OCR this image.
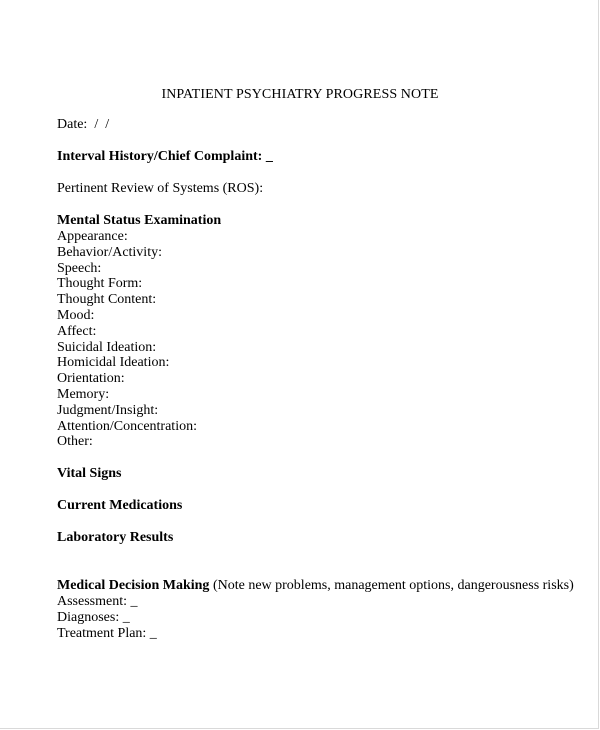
INPATIENT PSYCHIATRY PROGRESS NOTE
Date:  /  /
Interval History/Chief Complaint: _
Pertinent Review of Systems (ROS):
Mental Status Examination
Appearance:
Behavior/Activity:
Speech:
Thought Form:
Thought Content:
Mood:
Affect:
Suicidal Ideation:
Homicidal Ideation:
Orientation:
Memory:
Judgment/Insight:
Attention/Concentration:
Other:
Vital Signs
Current Medications
Laboratory Results
Medical Decision Making (Note new problems, management options, dangerousness risks)
Assessment: _
Diagnoses: _
Treatment Plan: _
